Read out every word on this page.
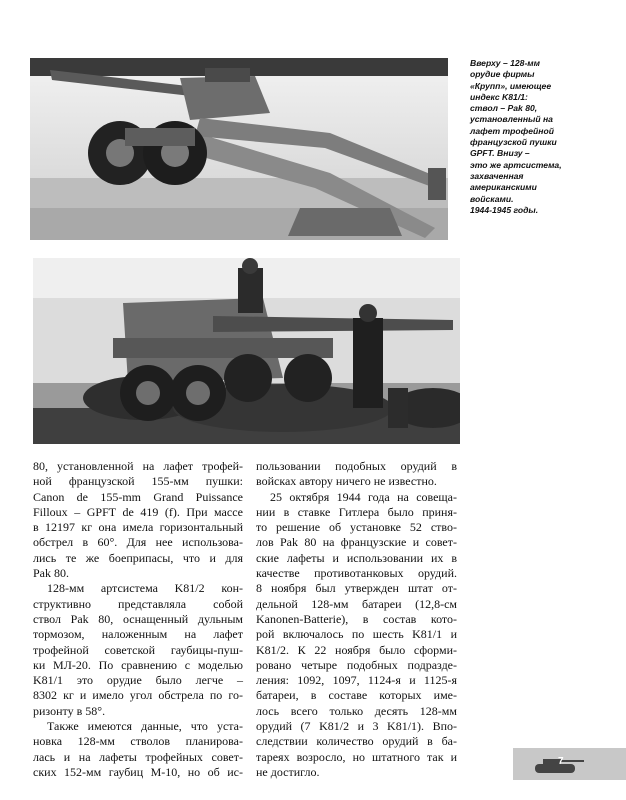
Вверху – 128-мм
орудие фирмы
«Крупп», имеющее
индекс K81/1:
ствол – Pak 80,
установленный на
лафет трофейной
французской пушки
GPFT. Внизу –
это же артсистема,
захваченная
американскими
войсками.
1944-1945 годы.
80, установленной на лафет трофей-
ной французской 155-мм пушки:
Canon de 155-mm Grand Puissance
Filloux – GPFT de 419 (f). При массе
в 12197 кг она имела горизонтальный
обстрел в 60°. Для нее использова-
лись те же боеприпасы, что и для
Pak 80.
128-мм артсистема K81/2 кон-
структивно представляла собой
ствол Pak 80, оснащенный дульным
тормозом, наложенным на лафет
трофейной советской гаубицы-пуш-
ки МЛ-20. По сравнению с моделью
K81/1 это орудие было легче –
8302 кг и имело угол обстрела по го-
ризонту в 58°.
Также имеются данные, что уста-
новка 128-мм стволов планирова-
лась и на лафеты трофейных совет-
ских 152-мм гаубиц М-10, но об ис-
пользовании подобных орудий в
войсках автору ничего не известно.
25 октября 1944 года на совеща-
нии в ставке Гитлера было приня-
то решение об установке 52 ство-
лов Pak 80 на французские и совет-
ские лафеты и использовании их в
качестве противотанковых орудий.
8 ноября был утвержден штат от-
дельной 128-мм батареи (12,8-см
Kanonen-Batterie), в состав кото-
рой включалось по шесть K81/1 и
K81/2. К 22 ноября было сформи-
ровано четыре подобных подразде-
ления: 1092, 1097, 1124-я и 1125-я
батареи, в составе которых име-
лось всего только десять 128-мм
орудий (7 K81/2 и 3 K81/1). Впо-
следствии количество орудий в ба-
тареях возросло, но штатного так и
не достигло.
7
